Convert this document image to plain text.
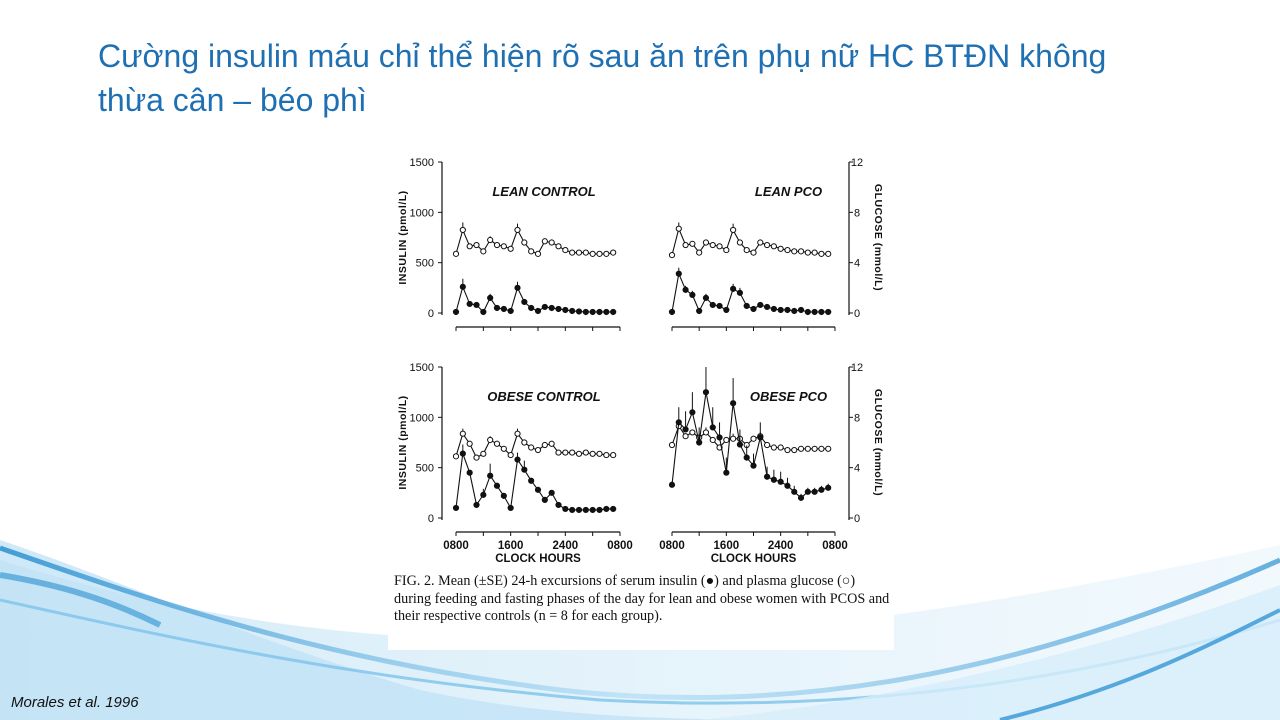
Cường insulin máu chỉ thể hiện rõ sau ăn trên phụ nữ HC BTĐN không
thừa cân – béo phì
LEAN CONTROL
1500
1000
500
0
INSULIN (pmol/L)	LEAN PCO
12
8
4
0
GLUCOSE (mmol/L)
OBESE CONTROL
1500
1000
500
0
INSULIN (pmol/L)
0800	1600	2400	0800
CLOCK HOURS
OBESE PCO
12
8
4
0
GLUCOSE (mmol/L)
0800 1600 2400 0800
CLOCK HOURS
FIG. 2. Mean (±SE) 24-h excursions of serum insulin (●) and plasma glucose (○) during feeding and fasting phases of the day for lean and obese women with PCOS and their respective controls (n = 8 for each group).
Morales et al. 1996
